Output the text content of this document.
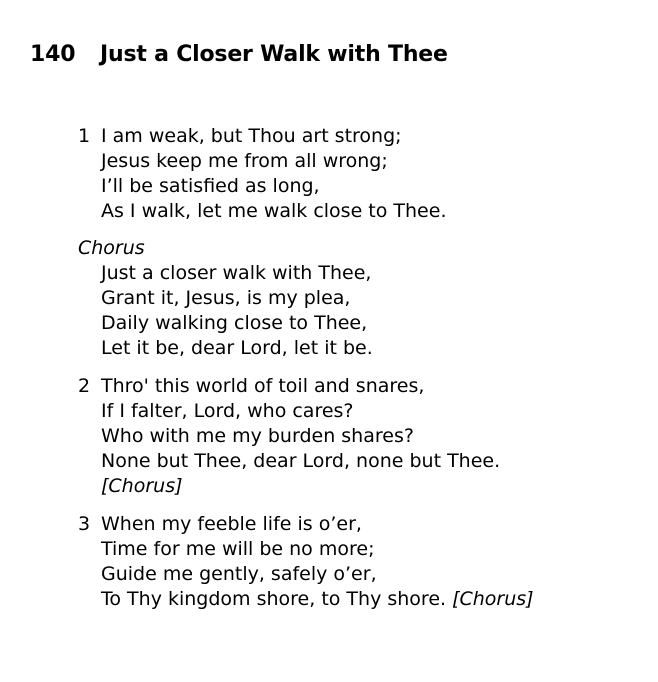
140 Just a Closer Walk with Thee
1 I am weak, but Thou art strong;
Jesus keep me from all wrong;
I’ll be satisfied as long,
As I walk, let me walk close to Thee.
Chorus
Just a closer walk with Thee,
Grant it, Jesus, is my plea,
Daily walking close to Thee,
Let it be, dear Lord, let it be.
2 Thro' this world of toil and snares,
If I falter, Lord, who cares?
Who with me my burden shares?
None but Thee, dear Lord, none but Thee.
[Chorus]
3 When my feeble life is o’er,
Time for me will be no more;
Guide me gently, safely o’er,
To Thy kingdom shore, to Thy shore. [Chorus]
